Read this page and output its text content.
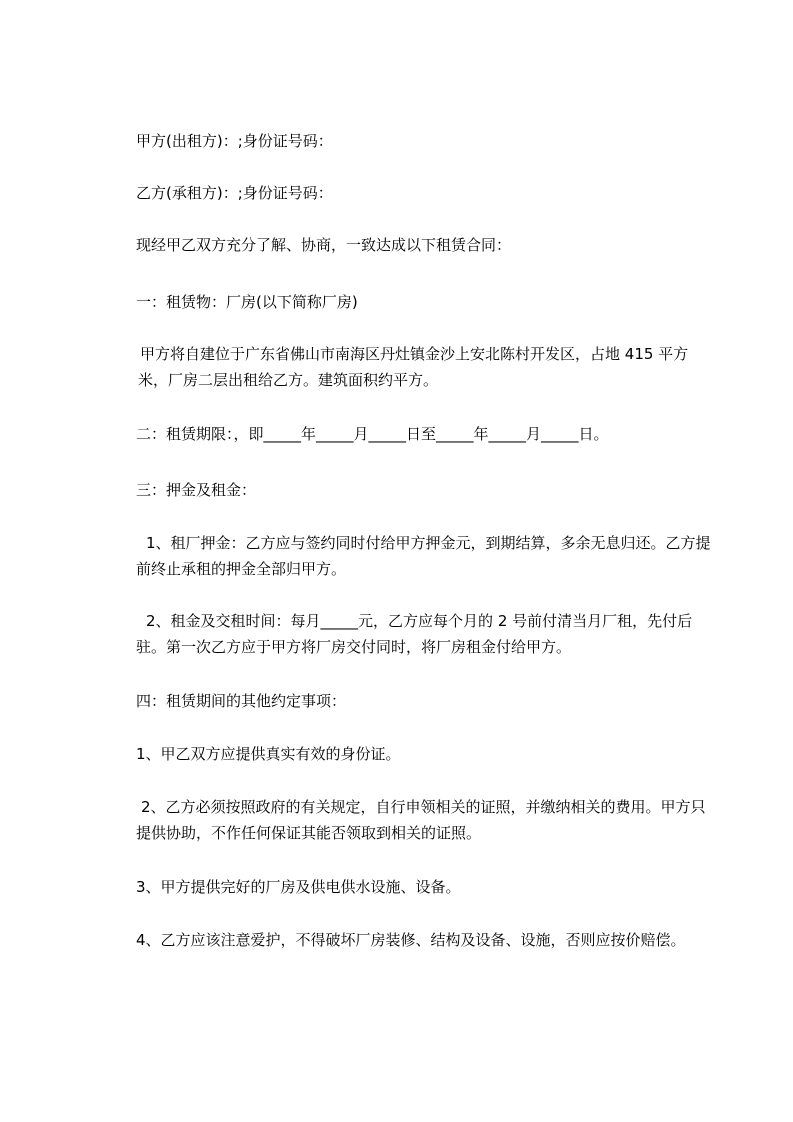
甲方(出租方)：;身份证号码：

乙方(承租方)：;身份证号码：

现经甲乙双方充分了解、协商，一致达成以下租赁合同：

一：租赁物：厂房(以下简称厂房)

甲方将自建位于广东省佛山市南海区丹灶镇金沙上安北陈村开发区，占地 415 平方米，厂房二层出租给乙方。建筑面积约平方。

二：租赁期限：，即_____年_____月_____日至_____年_____月_____日。

三：押金及租金：

1、租厂押金：乙方应与签约同时付给甲方押金元，到期结算，多余无息归还。乙方提前终止承租的押金全部归甲方。

2、租金及交租时间：每月_____元，乙方应每个月的 2 号前付清当月厂租，先付后驻。第一次乙方应于甲方将厂房交付同时，将厂房租金付给甲方。

四：租赁期间的其他约定事项：

1、甲乙双方应提供真实有效的身份证。

2、乙方必须按照政府的有关规定，自行申领相关的证照，并缴纳相关的费用。甲方只提供协助，不作任何保证其能否领取到相关的证照。

3、甲方提供完好的厂房及供电供水设施、设备。

4、乙方应该注意爱护，不得破坏厂房装修、结构及设备、设施，否则应按价赔偿。
